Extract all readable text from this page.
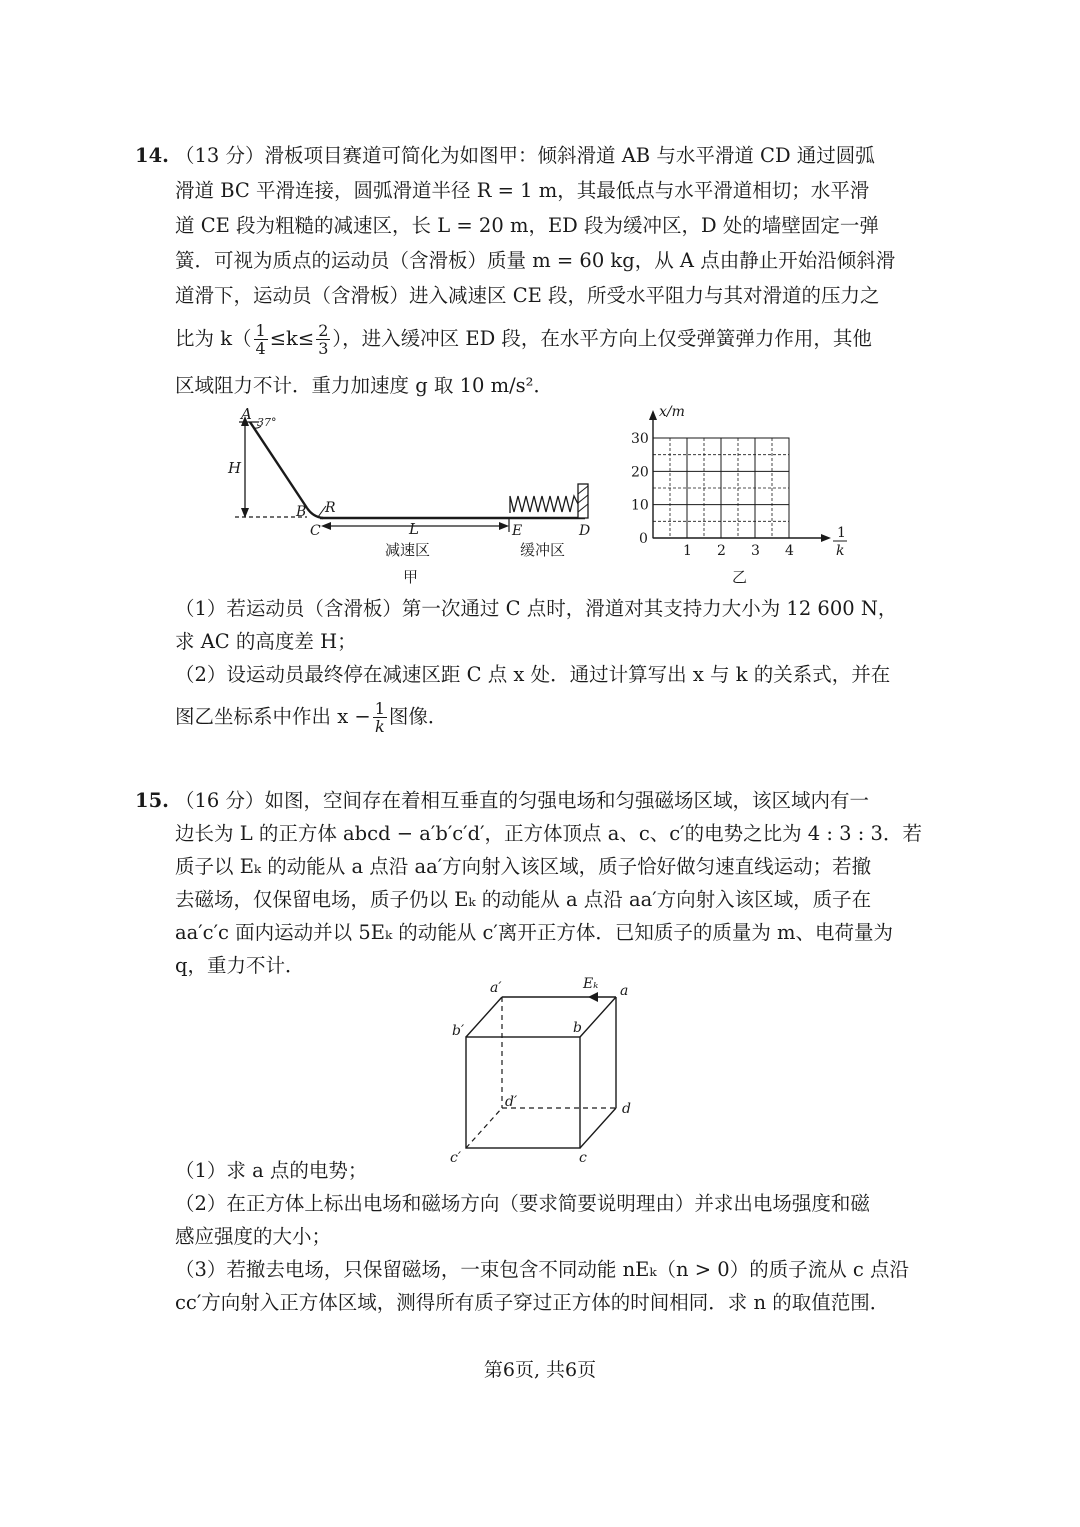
14. （13 分）滑板项目赛道可简化为如图甲：倾斜滑道 AB 与水平滑道 CD 通过圆弧
滑道 BC 平滑连接，圆弧滑道半径 R = 1 m，其最低点与水平滑道相切；水平滑
道 CE 段为粗糙的减速区，长 L = 20 m，ED 段为缓冲区，D 处的墙壁固定一弹
簧．可视为质点的运动员（含滑板）质量 m = 60 kg，从 A 点由静止开始沿倾斜滑
道滑下，运动员（含滑板）进入减速区 CE 段，所受水平阻力与其对滑道的压力之
比为 $k( \frac{1}{4} \le k\le \frac{2}{3}$ ），进入缓冲区 ED 段，在水平方向上仅受弹簧弹力作用，其他
区域阻力不计．重力加速度 g 取 10 m/s²．
A 37°
H
B R
C	L	E	D
减速区	缓冲区
甲
1 2 3 4
10
20
30
0
x/m
1
k
乙
（1）若运动员（含滑板）第一次通过 C 点时，滑道对其支持力大小为 12 600 N，
求 AC 的高度差 H；
（2）设运动员最终停在减速区距 C 点 x 处．通过计算写出 x 与 k 的关系式，并在
图乙坐标系中作出 $x - \frac{1}{k}$ 图像．
15. （16 分）如图，空间存在着相互垂直的匀强电场和匀强磁场区域，该区域内有一
边长为 L 的正方体 abcd − a′b′c′d′，正方体顶点 a、c、c′的电势之比为 4 : 3 : 3．若
质子以 Eₖ 的动能从 a 点沿 aa′方向射入该区域，质子恰好做匀速直线运动；若撤
去磁场，仅保留电场，质子仍以 Eₖ 的动能从 a 点沿 aa′方向射入该区域，质子在
aa′c′c 面内运动并以 5Eₖ 的动能从 c′离开正方体．已知质子的质量为 m、电荷量为
q，重力不计．
a′	Eₖ a
b′	b
d′	d
c′	c
（1）求 a 点的电势；
（2）在正方体上标出电场和磁场方向（要求简要说明理由）并求出电场强度和磁
感应强度的大小；
（3）若撤去电场，只保留磁场，一束包含不同动能 nEₖ（n > 0）的质子流从 c 点沿
cc′方向射入正方体区域，测得所有质子穿过正方体的时间相同．求 n 的取值范围．
第6页, 共6页
